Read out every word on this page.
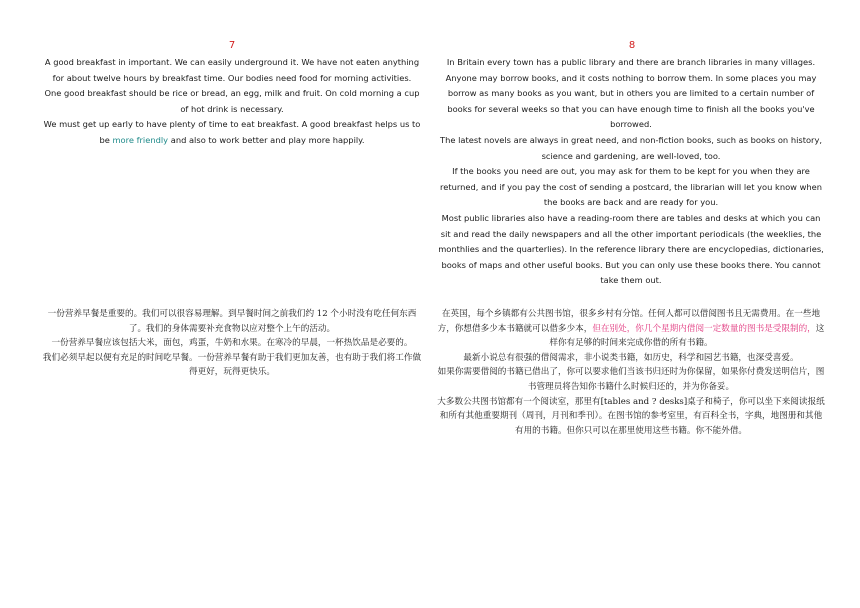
7

A good breakfast in important. We can easily underground it. We have not eaten anything for about twelve hours by breakfast time. Our bodies need food for morning activities.

One good breakfast should be rice or bread, an egg, milk and fruit. On cold morning a cup of hot drink is necessary.

We must get up early to have plenty of time to eat breakfast. A good breakfast helps us to be more friendly and also to work better and play more happily.

一份营养早餐是重要的。我们可以很容易理解。到早餐时间之前我们约 12 个小时没有吃任何东西了。我们的身体需要补充食物以应对整个上午的活动。

一份营养早餐应该包括大米，面包，鸡蛋，牛奶和水果。在寒冷的早晨，一杯热饮品是必要的。

我们必须早起以便有充足的时间吃早餐。一份营养早餐有助于我们更加友善，也有助于我们将工作做得更好，玩得更快乐。

8

In Britain every town has a public library and there are branch libraries in many villages. Anyone may borrow books, and it costs nothing to borrow them. In some places you may borrow as many books as you want, but in others you are limited to a certain number of books for several weeks so that you can have enough time to finish all the books you've borrowed.

The latest novels are always in great need, and non-fiction books, such as books on history, science and gardening, are well-loved, too.

If the books you need are out, you may ask for them to be kept for you when they are returned, and if you pay the cost of sending a postcard, the librarian will let you know when the books are back and are ready for you.

Most public libraries also have a reading-room there are tables and desks at which you can sit and read the daily newspapers and all the other important periodicals (the weeklies, the monthlies and the quarterlies). In the reference library there are encyclopedias, dictionaries, books of maps and other useful books. But you can only use these books there. You cannot take them out.

在英国，每个乡镇都有公共图书馆，很多乡村有分馆。任何人都可以借阅图书且无需费用。在一些地方，你想借多少本书籍就可以借多少本，但在别处，你几个星期内借阅一定数量的图书是受限制的，这样你有足够的时间来完成你借的所有书籍。

最新小说总有很强的借阅需求，非小说类书籍，如历史，科学和园艺书籍，也深受喜爱。

如果你需要借阅的书籍已借出了，你可以要求他们当该书归还时为你保留，如果你付费发送明信片，图书管理员将告知你书籍什么时候归还的，并为你备妥。

大多数公共图书馆都有一个阅读室，那里有[tables and ? desks]桌子和椅子，你可以坐下来阅读报纸和所有其他重要期刊（周刊，月刊和季刊）。在图书馆的参考室里，有百科全书，字典，地图册和其他有用的书籍。但你只可以在那里使用这些书籍。你不能外借。
